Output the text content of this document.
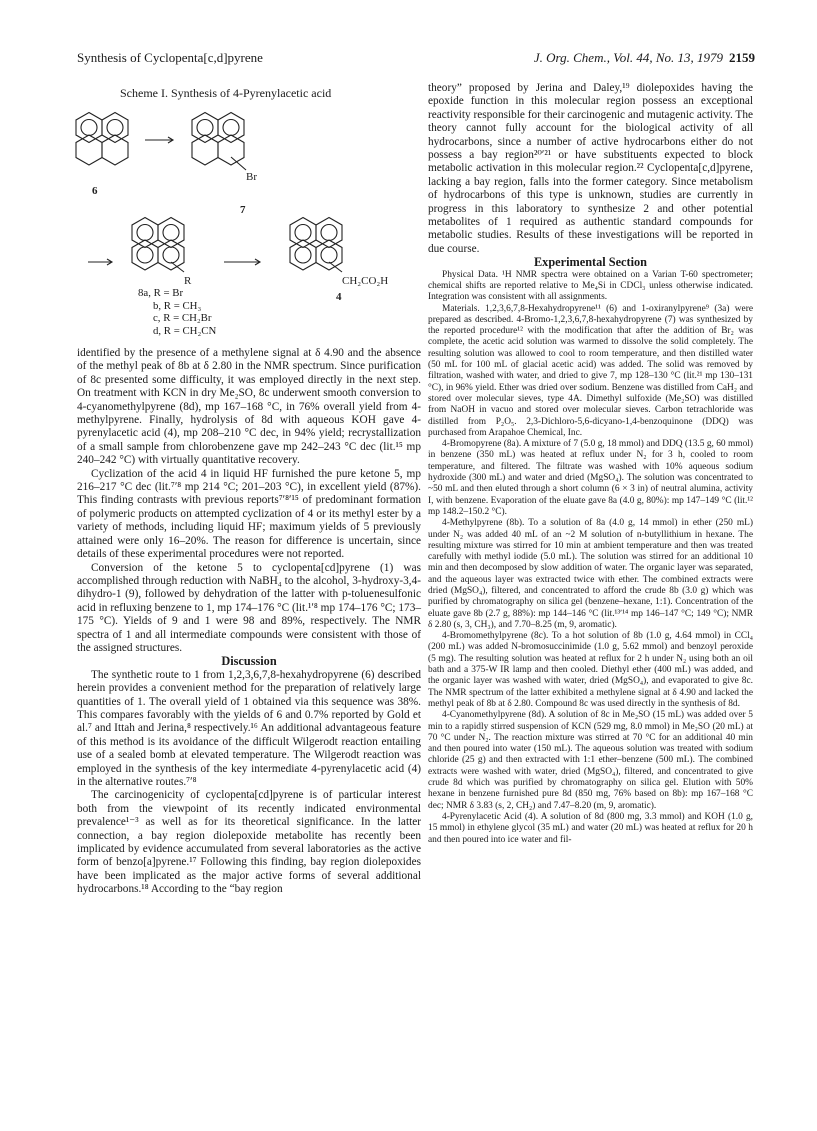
Synthesis of Cyclopenta[c,d]pyrene	J. Org. Chem., Vol. 44, No. 13, 1979 2159
Scheme I. Synthesis of 4-Pyrenylacetic acid
6
7
Br
R	CH₂CO₂H
4
8a, R = Br
b, R = CH₃
c, R = CH₂Br
d, R = CH₂CN

identified by the presence of a methylene signal at δ 4.90 and the absence of the methyl peak of 8b at δ 2.80 in the NMR spectrum. Since purification of 8c presented some difficulty, it was employed directly in the next step. On treatment with KCN in dry Me₂SO, 8c underwent smooth conversion to 4-cyanomethylpyrene (8d), mp 167–168 °C, in 76% overall yield from 4-methylpyrene. Finally, hydrolysis of 8d with aqueous KOH gave 4-pyrenylacetic acid (4), mp 208–210 °C dec, in 94% yield; recrystallization of a small sample from chlorobenzene gave mp 242–243 °C dec (lit.¹⁵ mp 240–242 °C) with virtually quantitative recovery.

Cyclization of the acid 4 in liquid HF furnished the pure ketone 5, mp 216–217 °C dec (lit.⁷ʹ⁸ mp 214 °C; 201–203 °C), in excellent yield (87%). This finding contrasts with previous reports⁷ʹ⁸ʹ¹⁵ of predominant formation of polymeric products on attempted cyclization of 4 or its methyl ester by a variety of methods, including liquid HF; maximum yields of 5 previously attained were only 16–20%. The reason for difference is uncertain, since details of these experimental procedures were not reported.

Conversion of the ketone 5 to cyclopenta[cd]pyrene (1) was accomplished through reduction with NaBH₄ to the alcohol, 3-hydroxy-3,4-dihydro-1 (9), followed by dehydration of the latter with p-toluenesulfonic acid in refluxing benzene to 1, mp 174–176 °C (lit.¹ʹ⁸ mp 174–176 °C; 173–175 °C). Yields of 9 and 1 were 98 and 89%, respectively. The NMR spectra of 1 and all intermediate compounds were consistent with those of the assigned structures.

Discussion

The synthetic route to 1 from 1,2,3,6,7,8-hexahydropyrene (6) described herein provides a convenient method for the preparation of relatively large quantities of 1. The overall yield of 1 obtained via this sequence was 38%. This compares favorably with the yields of 6 and 0.7% reported by Gold et al.⁷ and Ittah and Jerina,⁸ respectively.¹⁶ An additional advantageous feature of this method is its avoidance of the difficult Wilgerodt reaction entailing use of a sealed bomb at elevated temperature. The Wilgerodt reaction was employed in the synthesis of the key intermediate 4-pyrenylacetic acid (4) in the alternative routes.⁷ʹ⁸

The carcinogenicity of cyclopenta[cd]pyrene is of particular interest both from the viewpoint of its recently indicated environmental prevalence¹⁻³ as well as for its theoretical significance. In the latter connection, a bay region diolepoxide metabolite has recently been implicated by evidence accumulated from several laboratories as the active form of benzo[a]pyrene.¹⁷ Following this finding, bay region diolepoxides have been implicated as the major active forms of several additional hydrocarbons.¹⁸ According to the “bay region

theory” proposed by Jerina and Daley,¹⁹ diolepoxides having the epoxide function in this molecular region possess an exceptional reactivity responsible for their carcinogenic and mutagenic activity. The theory cannot fully account for the biological activity of all hydrocarbons, since a number of active hydrocarbons either do not possess a bay region²⁰ʹ²¹ or have substituents expected to block metabolic activation in this molecular region.²² Cyclopenta[c,d]pyrene, lacking a bay region, falls into the former category. Since metabolism of hydrocarbons of this type is unknown, studies are currently in progress in this laboratory to synthesize 2 and other potential metabolites of 1 required as authentic standard compounds for metabolic studies. Results of these investigations will be reported in due course.

Experimental Section

Physical Data. ¹H NMR spectra were obtained on a Varian T-60 spectrometer; chemical shifts are reported relative to Me₄Si in CDCl₃ unless otherwise indicated. Integration was consistent with all assignments.

Materials. 1,2,3,6,7,8-Hexahydropyrene¹¹ (6) and 1-oxiranylpyrene⁹ (3a) were prepared as described. 4-Bromo-1,2,3,6,7,8-hexahydropyrene (7) was synthesized by the reported procedure¹² with the modification that after the addition of Br₂ was complete, the acetic acid solution was warmed to dissolve the solid completely. The resulting solution was allowed to cool to room temperature, and then distilled water (50 mL for 100 mL of glacial acetic acid) was added. The solid was removed by filtration, washed with water, and dried to give 7, mp 128–130 °C (lit.²¹ mp 130–131 °C), in 96% yield. Ether was dried over sodium. Benzene was distilled from CaH₂ and stored over molecular sieves, type 4A. Dimethyl sulfoxide (Me₂SO) was distilled from NaOH in vacuo and stored over molecular sieves. Carbon tetrachloride was distilled from P₂O₅. 2,3-Dichloro-5,6-dicyano-1,4-benzoquinone (DDQ) was purchased from Arapahoe Chemical, Inc.

4-Bromopyrene (8a). A mixture of 7 (5.0 g, 18 mmol) and DDQ (13.5 g, 60 mmol) in benzene (350 mL) was heated at reflux under N₂ for 3 h, cooled to room temperature, and filtered. The filtrate was washed with 10% aqueous sodium hydroxide (300 mL) and water and dried (MgSO₄). The solution was concentrated to ~50 mL and then eluted through a short column (6 × 3 in) of neutral alumina, activity I, with benzene. Evaporation of the eluate gave 8a (4.0 g, 80%): mp 147–149 °C (lit.¹² mp 148.2–150.2 °C).

4-Methylpyrene (8b). To a solution of 8a (4.0 g, 14 mmol) in ether (250 mL) under N₂ was added 40 mL of an ~2 M solution of n-butyllithium in hexane. The resulting mixture was stirred for 10 min at ambient temperature and then was treated carefully with methyl iodide (5.0 mL). The solution was stirred for an additional 10 min and then decomposed by slow addition of water. The organic layer was separated, and the aqueous layer was extracted twice with ether. The combined extracts were dried (MgSO₄), filtered, and concentrated to afford the crude 8b (3.0 g) which was purified by chromatography on silica gel (benzene–hexane, 1:1). Concentration of the eluate gave 8b (2.7 g, 88%): mp 144–146 °C (lit.¹³ʹ¹⁴ mp 146–147 °C; 149 °C); NMR δ 2.80 (s, 3, CH₃), and 7.70–8.25 (m, 9, aromatic).

4-Bromomethylpyrene (8c). To a hot solution of 8b (1.0 g, 4.64 mmol) in CCl₄ (200 mL) was added N-bromosuccinimide (1.0 g, 5.62 mmol) and benzoyl peroxide (5 mg). The resulting solution was heated at reflux for 2 h under N₂ using both an oil bath and a 375-W IR lamp and then cooled. Diethyl ether (400 mL) was added, and the organic layer was washed with water, dried (MgSO₄), and evaporated to give 8c. The NMR spectrum of the latter exhibited a methylene signal at δ 4.90 and lacked the methyl peak of 8b at δ 2.80. Compound 8c was used directly in the synthesis of 8d.

4-Cyanomethylpyrene (8d). A solution of 8c in Me₂SO (15 mL) was added over 5 min to a rapidly stirred suspension of KCN (529 mg, 8.0 mmol) in Me₂SO (20 mL) at 70 °C under N₂. The reaction mixture was stirred at 70 °C for an additional 40 min and then poured into water (150 mL). The aqueous solution was treated with sodium chloride (25 g) and then extracted with 1:1 ether–benzene (500 mL). The combined extracts were washed with water, dried (MgSO₄), filtered, and concentrated to give crude 8d which was purified by chromatography on silica gel. Elution with 50% hexane in benzene furnished pure 8d (850 mg, 76% based on 8b): mp 167–168 °C dec; NMR δ 3.83 (s, 2, CH₂) and 7.47–8.20 (m, 9, aromatic).

4-Pyrenylacetic Acid (4). A solution of 8d (800 mg, 3.3 mmol) and KOH (1.0 g, 15 mmol) in ethylene glycol (35 mL) and water (20 mL) was heated at reflux for 20 h and then poured into ice water and fil-
